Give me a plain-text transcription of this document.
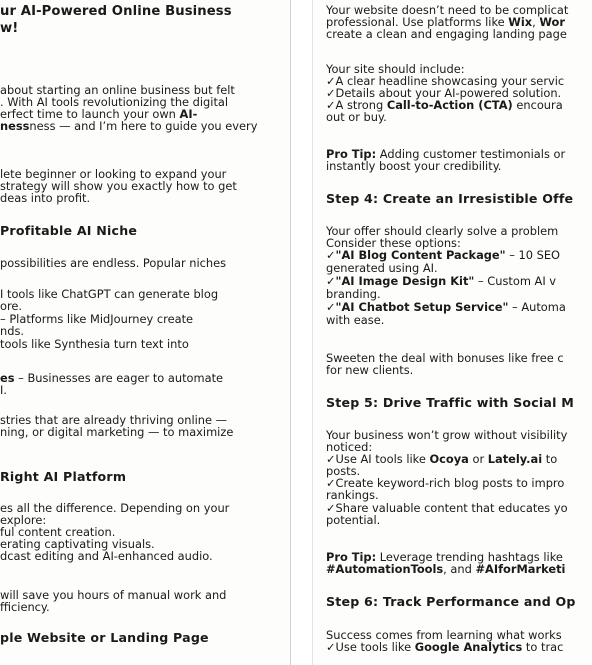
ur AI-Powered Online Business
w!
about starting an online business but felt
. With AI tools revolutionizing the digital
erfect time to launch your own AI-
nessness — and I’m here to guide you every
lete beginner or looking to expand your
strategy will show you exactly how to get
deas into profit.
Profitable AI Niche
possibilities are endless. Popular niches
I tools like ChatGPT can generate blog
ore.
– Platforms like MidJourney create
nds.
tools like Synthesia turn text into
es – Businesses are eager to automate
I.
stries that are already thriving online —
ning, or digital marketing — to maximize
Right AI Platform
es all the difference. Depending on your
explore:
ful content creation.
erating captivating visuals.
dcast editing and AI-enhanced audio.
will save you hours of manual work and
fficiency.
ple Website or Landing Page
Your website doesn’t need to be complicat
professional. Use platforms like Wix, Wor
create a clean and engaging landing page
Your site should include:
✓A clear headline showcasing your servic
✓Details about your AI-powered solution.
✓A strong Call-to-Action (CTA) encoura
out or buy.
Pro Tip: Adding customer testimonials or
instantly boost your credibility.
Step 4: Create an Irresistible Offe
Your offer should clearly solve a problem
Consider these options:
✓"AI Blog Content Package" – 10 SEO
generated using AI.
✓"AI Image Design Kit" – Custom AI v
branding.
✓"AI Chatbot Setup Service" – Automa
with ease.
Sweeten the deal with bonuses like free c
for new clients.
Step 5: Drive Traffic with Social M
Your business won’t grow without visibility
noticed:
✓Use AI tools like Ocoya or Lately.ai to
posts.
✓Create keyword-rich blog posts to impro
rankings.
✓Share valuable content that educates yo
potential.
Pro Tip: Leverage trending hashtags like
#AutomationTools, and #AIforMarketi
Step 6: Track Performance and Op
Success comes from learning what works
✓Use tools like Google Analytics to trac
